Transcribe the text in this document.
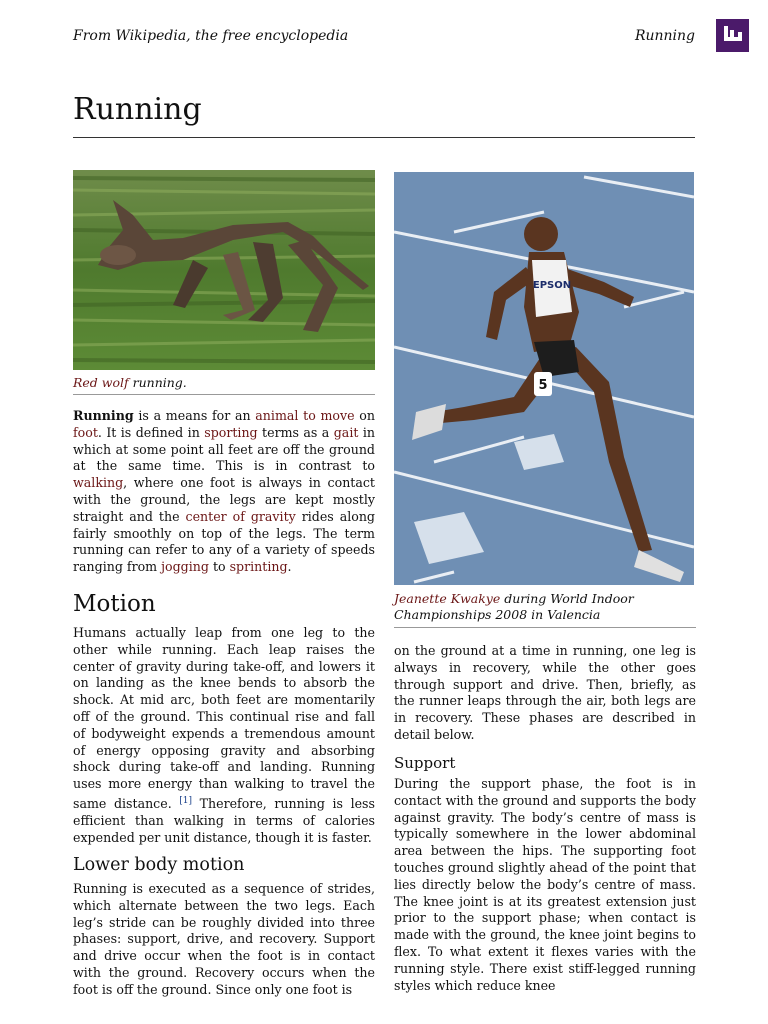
From Wikipedia, the free encyclopedia	Running
Running
Red wolf running.

Running is a means for an animal to move on foot. It is defined in sporting terms as a gait in which at some point all feet are off the ground at the same time. This is in contrast to walking, where one foot is always in contact with the ground, the legs are kept mostly straight and the center of gravity rides along fairly smoothly on top of the legs. The term running can refer to any of a variety of speeds ranging from jogging to sprinting.

Motion

Humans actually leap from one leg to the other while running. Each leap raises the center of gravity during take-off, and lowers it on landing as the knee bends to absorb the shock. At mid arc, both feet are momentarily off of the ground. This continual rise and fall of bodyweight expends a tremendous amount of energy opposing gravity and absorbing shock during take-off and landing. Running uses more energy than walking to travel the same distance. [1] Therefore, running is less efficient than walking in terms of calories expended per unit distance, though it is faster.

Lower body motion

Running is executed as a sequence of strides, which alternate between the two legs. Each leg’s stride can be roughly divided into three phases: support, drive, and recovery. Support and drive occur when the foot is in contact with the ground. Recovery occurs when the foot is off the ground. Since only one foot is

5
EPSON
Jeanette Kwakye during World Indoor Championships 2008 in Valencia

on the ground at a time in running, one leg is always in recovery, while the other goes through support and drive. Then, briefly, as the runner leaps through the air, both legs are in recovery. These phases are described in detail below.

Support

During the support phase, the foot is in contact with the ground and supports the body against gravity. The body’s centre of mass is typically somewhere in the lower abdominal area between the hips. The supporting foot touches ground slightly ahead of the point that lies directly below the body’s centre of mass. The knee joint is at its greatest extension just prior to the support phase; when contact is made with the ground, the knee joint begins to flex. To what extent it flexes varies with the running style. There exist stiff-legged running styles which reduce knee
